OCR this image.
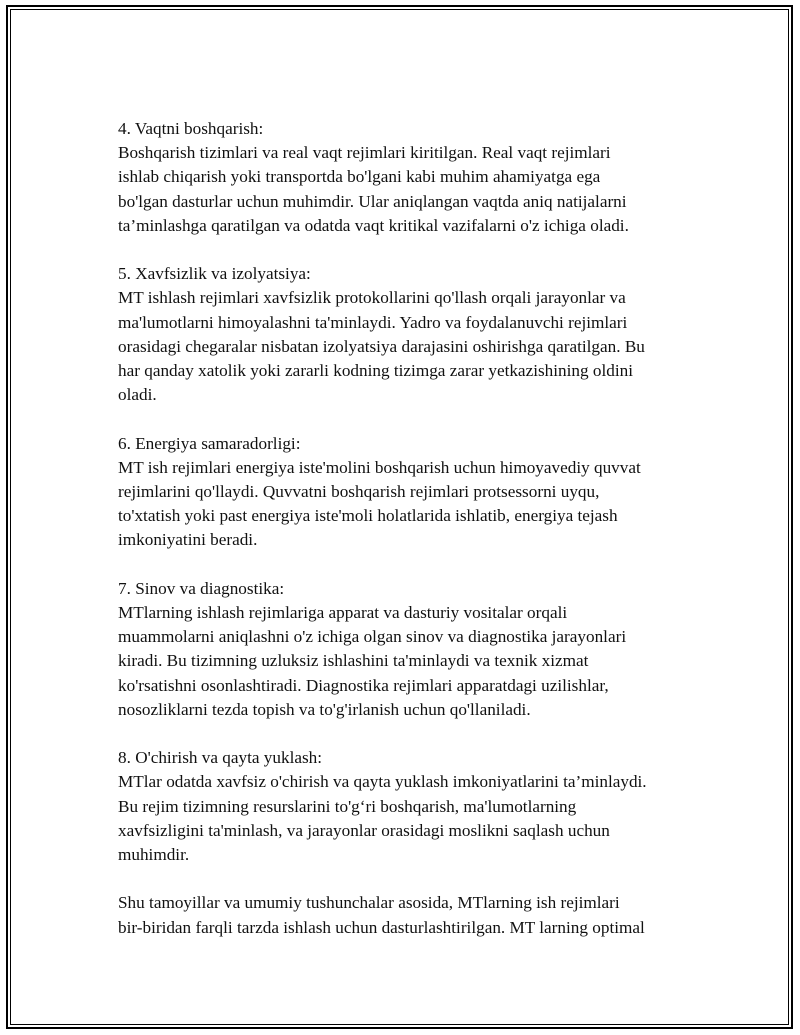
4. Vaqtni boshqarish:

Boshqarish tizimlari va real vaqt rejimlari kiritilgan. Real vaqt rejimlari
ishlab chiqarish yoki transportda bo'lgani kabi muhim ahamiyatga ega
bo'lgan dasturlar uchun muhimdir. Ular aniqlangan vaqtda aniq natijalarni
ta’minlashga qaratilgan va odatda vaqt kritikal vazifalarni o'z ichiga oladi.

5. Xavfsizlik va izolyatsiya:

MT ishlash rejimlari xavfsizlik protokollarini qo'llash orqali jarayonlar va
ma'lumotlarni himoyalashni ta'minlaydi. Yadro va foydalanuvchi rejimlari
orasidagi chegaralar nisbatan izolyatsiya darajasini oshirishga qaratilgan. Bu
har qanday xatolik yoki zararli kodning tizimga zarar yetkazishining oldini
oladi.

6. Energiya samaradorligi:

MT ish rejimlari energiya iste'molini boshqarish uchun himoyavediy quvvat
rejimlarini qo'llaydi. Quvvatni boshqarish rejimlari protsessorni uyqu,
to'xtatish yoki past energiya iste'moli holatlarida ishlatib, energiya tejash
imkoniyatini beradi.

7. Sinov va diagnostika:

MTlarning ishlash rejimlariga apparat va dasturiy vositalar orqali
muammolarni aniqlashni o'z ichiga olgan sinov va diagnostika jarayonlari
kiradi. Bu tizimning uzluksiz ishlashini ta'minlaydi va texnik xizmat
ko'rsatishni osonlashtiradi. Diagnostika rejimlari apparatdagi uzilishlar,
nosozliklarni tezda topish va to'g'irlanish uchun qo'llaniladi.

8. O'chirish va qayta yuklash:

MTlar odatda xavfsiz o'chirish va qayta yuklash imkoniyatlarini ta’minlaydi.
Bu rejim tizimning resurslarini to'g‘ri boshqarish, ma'lumotlarning
xavfsizligini ta'minlash, va jarayonlar orasidagi moslikni saqlash uchun
muhimdir.
Shu tamoyillar va umumiy tushunchalar asosida, MTlarning ish rejimlari
bir-biridan farqli tarzda ishlash uchun dasturlashtirilgan. MT larning optimal
